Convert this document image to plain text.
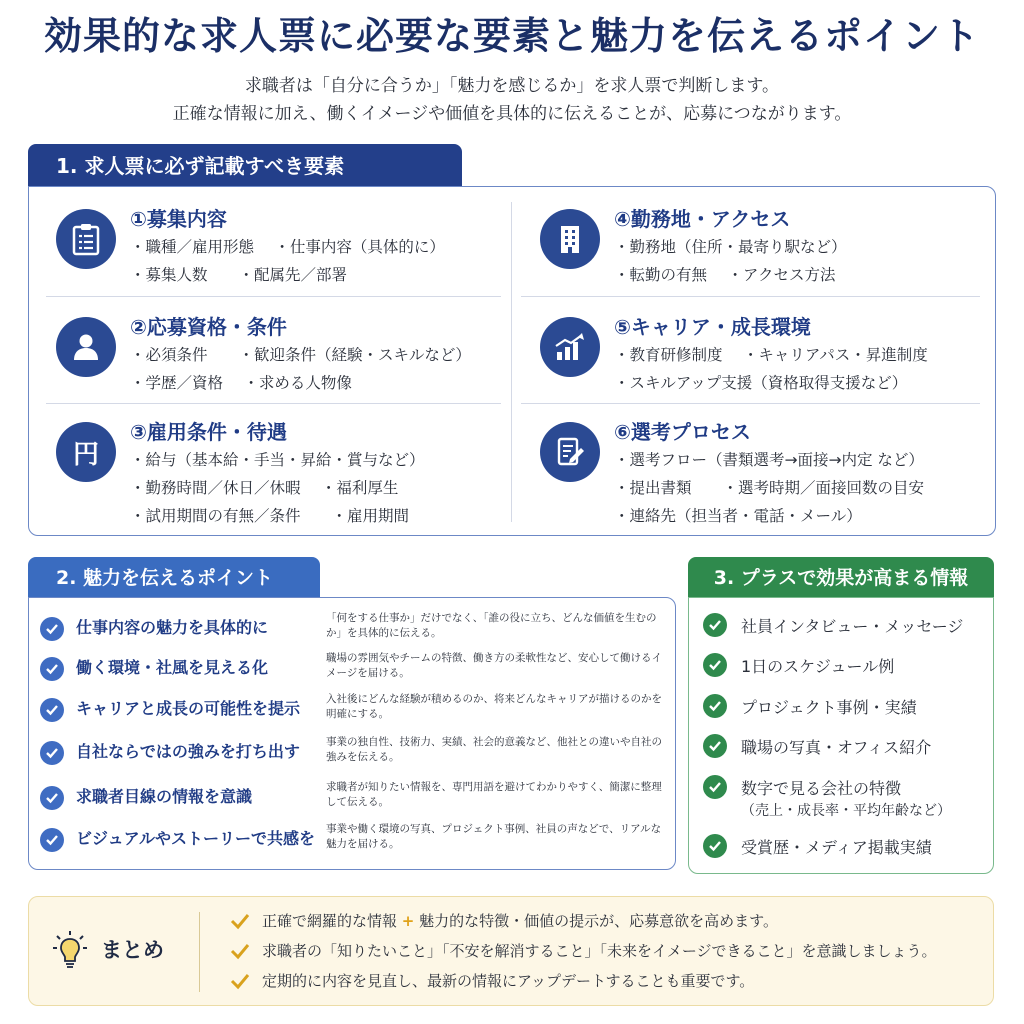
効果的な求人票に必要な要素と魅力を伝えるポイント
求職者は「自分に合うか」「魅力を感じるか」を求人票で判断します。
正確な情報に加え、働くイメージや価値を具体的に伝えることが、応募につながります。
1. 求人票に必ず記載すべき要素
①募集内容
・職種／雇用形態　 ・仕事内容（具体的に）
・募集人数　　・配属先／部署
②応募資格・条件
・必須条件　　・歓迎条件（経験・スキルなど）
・学歴／資格　 ・求める人物像
円
③雇用条件・待遇
・給与（基本給・手当・昇給・賞与など）
・勤務時間／休日／休暇　 ・福利厚生
・試用期間の有無／条件　　・雇用期間
④勤務地・アクセス
・勤務地（住所・最寄り駅など）
・転勤の有無　 ・アクセス方法
⑤キャリア・成長環境
・教育研修制度　 ・キャリアパス・昇進制度
・スキルアップ支援（資格取得支援など）
⑥選考プロセス
・選考フロー（書類選考→面接→内定 など）
・提出書類　　・選考時期／面接回数の目安
・連絡先（担当者・電話・メール）
2. 魅力を伝えるポイント
仕事内容の魅力を具体的に	「何をする仕事か」だけでなく、「誰の役に立ち、どんな価値を生むのか」を具体的に伝える。
働く環境・社風を見える化	職場の雰囲気やチームの特徴、働き方の柔軟性など、安心して働けるイメージを届ける。
キャリアと成長の可能性を提示 入社後にどんな経験が積めるのか、将来どんなキャリアが描けるのかを明確にする。
自社ならではの強みを打ち出す 事業の独自性、技術力、実績、社会的意義など、他社との違いや自社の強みを伝える。
求職者目線の情報を意識	求職者が知りたい情報を、専門用語を避けてわかりやすく、簡潔に整理して伝える。
ビジュアルやストーリーで共感を 事業や働く環境の写真、プロジェクト事例、社員の声などで、リアルな魅力を届ける。
3. プラスで効果が高まる情報
社員インタビュー・メッセージ
1日のスケジュール例
プロジェクト事例・実績
職場の写真・オフィス紹介
数字で見る会社の特徴
（売上・成長率・平均年齢など）
受賞歴・メディア掲載実績
まとめ
正確で網羅的な情報 + 魅力的な特徴・価値の提示が、応募意欲を高めます。
求職者の「知りたいこと」「不安を解消すること」「未来をイメージできること」を意識しましょう。
定期的に内容を見直し、最新の情報にアップデートすることも重要です。
